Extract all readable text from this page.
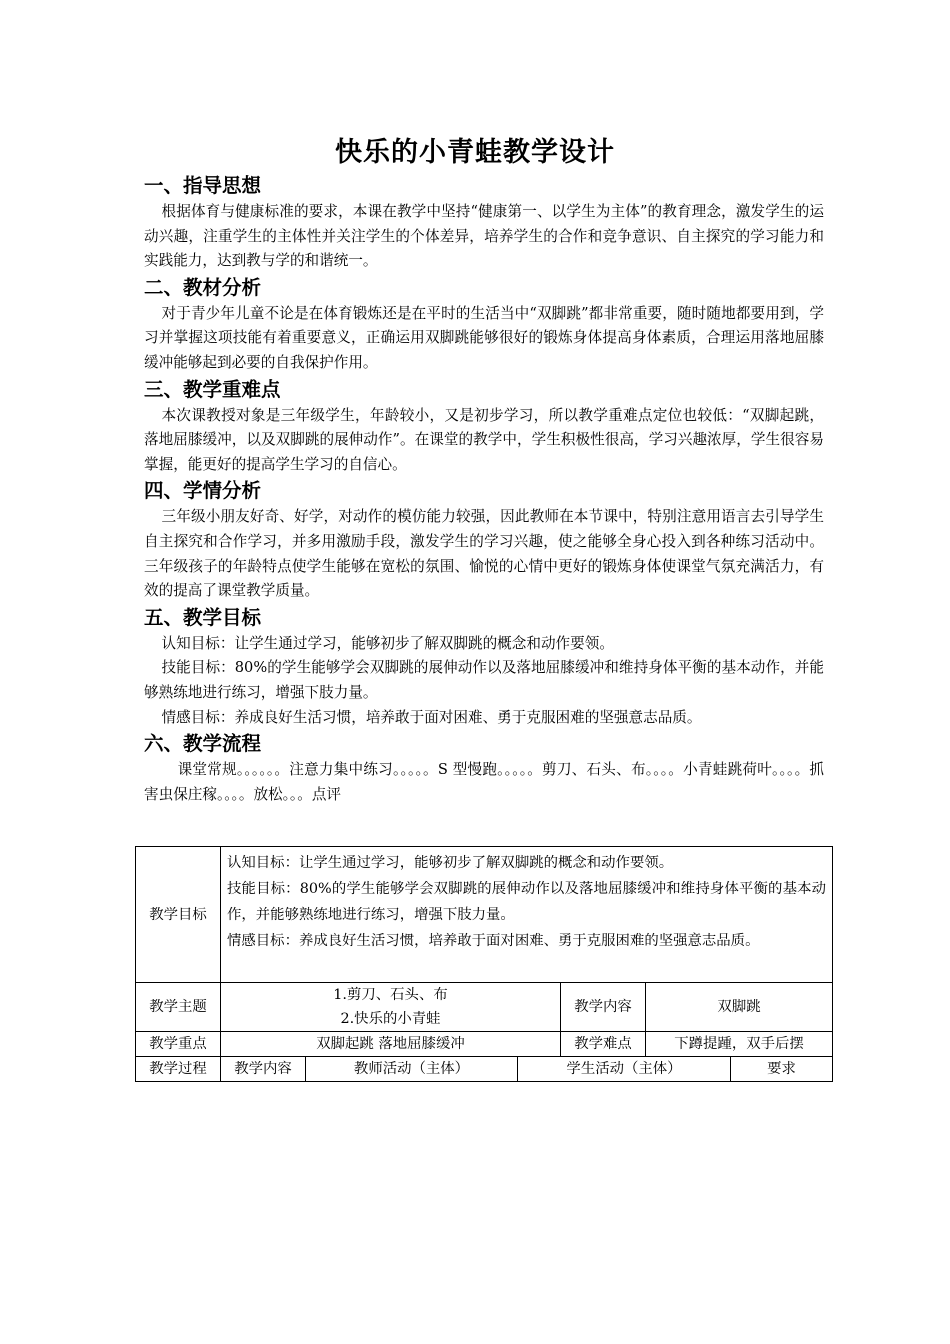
快乐的小青蛙教学设计
一、指导思想
根据体育与健康标准的要求，本课在教学中坚持“健康第一、以学生为主体”的教育理念，激发学生的运动兴趣，注重学生的主体性并关注学生的个体差异，培养学生的合作和竞争意识、自主探究的学习能力和实践能力，达到教与学的和谐统一。
二、教材分析
对于青少年儿童不论是在体育锻炼还是在平时的生活当中“双脚跳”都非常重要，随时随地都要用到，学习并掌握这项技能有着重要意义，正确运用双脚跳能够很好的锻炼身体提高身体素质，合理运用落地屈膝缓冲能够起到必要的自我保护作用。
三、教学重难点
本次课教授对象是三年级学生，年龄较小，又是初步学习，所以教学重难点定位也较低：“双脚起跳，落地屈膝缓冲，以及双脚跳的展伸动作”。在课堂的教学中，学生积极性很高，学习兴趣浓厚，学生很容易掌握，能更好的提高学生学习的自信心。
四、学情分析
三年级小朋友好奇、好学，对动作的模仿能力较强，因此教师在本节课中，特别注意用语言去引导学生自主探究和合作学习，并多用激励手段，激发学生的学习兴趣，使之能够全身心投入到各种练习活动中。三年级孩子的年龄特点使学生能够在宽松的氛围、愉悦的心情中更好的锻炼身体使课堂气氛充满活力，有效的提高了课堂教学质量。
五、教学目标
认知目标：让学生通过学习，能够初步了解双脚跳的概念和动作要领。
技能目标：80%的学生能够学会双脚跳的展伸动作以及落地屈膝缓冲和维持身体平衡的基本动作，并能够熟练地进行练习，增强下肢力量。
情感目标：养成良好生活习惯，培养敢于面对困难、勇于克服困难的坚强意志品质。
六、教学流程
课堂常规。。。。。。注意力集中练习。。。。。S 型慢跑。。。。。剪刀、石头、布。。。。小青蛙跳荷叶。。。。抓害虫保庄稼。。。。放松。。。点评
教学目标	认知目标：让学生通过学习，能够初步了解双脚跳的概念和动作要领。
技能目标：80%的学生能够学会双脚跳的展伸动作以及落地屈膝缓冲和维持身体平衡的基本动作，并能够熟练地进行练习，增强下肢力量。
情感目标：养成良好生活习惯，培养敢于面对困难、勇于克服困难的坚强意志品质。					

教学主题	1.剪刀、石头、布
2.快乐的小青蛙			教学内容	双脚跳	
教学重点	双脚起跳 落地屈膝缓冲			教学难点	下蹲提踵，双手后摆	
教学过程	教学内容	教师活动（主体）	学生活动（主体）			要求
